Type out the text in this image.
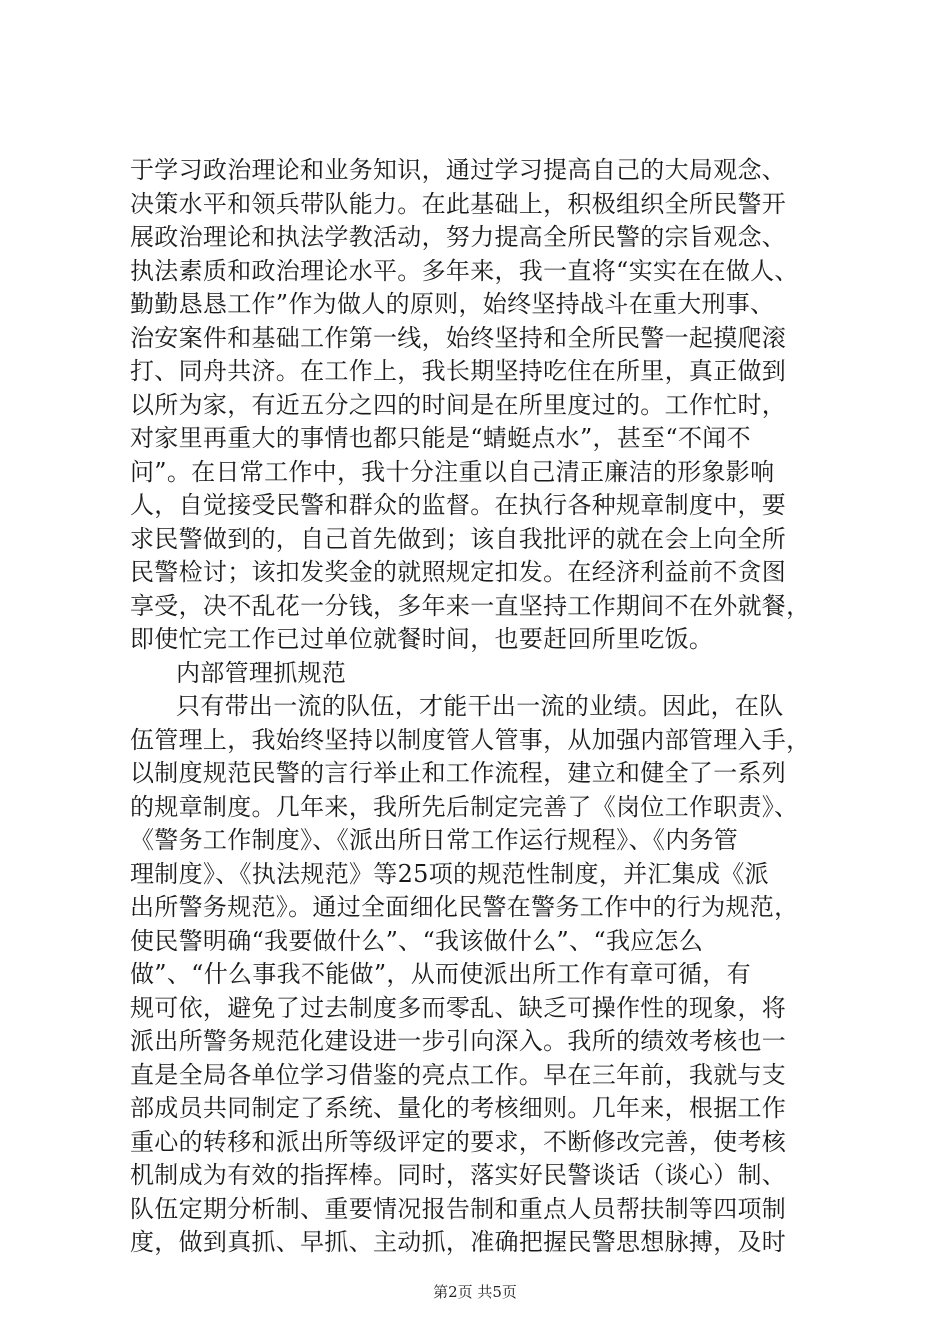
于学习政治理论和业务知识，通过学习提高自己的大局观念、
决策水平和领兵带队能力。在此基础上，积极组织全所民警开
展政治理论和执法学教活动，努力提高全所民警的宗旨观念、
执法素质和政治理论水平。多年来，我一直将“实实在在做人、
勤勤恳恳工作”作为做人的原则，始终坚持战斗在重大刑事、
治安案件和基础工作第一线，始终坚持和全所民警一起摸爬滚
打、同舟共济。在工作上，我长期坚持吃住在所里，真正做到
以所为家，有近五分之四的时间是在所里度过的。工作忙时，
对家里再重大的事情也都只能是“蜻蜓点水”，甚至“不闻不
问”。在日常工作中，我十分注重以自己清正廉洁的形象影响
人，自觉接受民警和群众的监督。在执行各种规章制度中，要
求民警做到的，自己首先做到；该自我批评的就在会上向全所
民警检讨；该扣发奖金的就照规定扣发。在经济利益前不贪图
享受，决不乱花一分钱，多年来一直坚持工作期间不在外就餐，
即使忙完工作已过单位就餐时间，也要赶回所里吃饭。
内部管理抓规范
只有带出一流的队伍，才能干出一流的业绩。因此，在队
伍管理上，我始终坚持以制度管人管事，从加强内部管理入手，
以制度规范民警的言行举止和工作流程，建立和健全了一系列
的规章制度。几年来，我所先后制定完善了《岗位工作职责》、
《警务工作制度》、《派出所日常工作运行规程》、《内务管
理制度》、《执法规范》等25项的规范性制度，并汇集成《派
出所警务规范》。通过全面细化民警在警务工作中的行为规范，
使民警明确“我要做什么”、“我该做什么”、“我应怎么
做”、“什么事我不能做”，从而使派出所工作有章可循，有
规可依，避免了过去制度多而零乱、缺乏可操作性的现象，将
派出所警务规范化建设进一步引向深入。我所的绩效考核也一
直是全局各单位学习借鉴的亮点工作。早在三年前，我就与支
部成员共同制定了系统、量化的考核细则。几年来，根据工作
重心的转移和派出所等级评定的要求，不断修改完善，使考核
机制成为有效的指挥棒。同时，落实好民警谈话（谈心）制、
队伍定期分析制、重要情况报告制和重点人员帮扶制等四项制
度，做到真抓、早抓、主动抓，准确把握民警思想脉搏，及时
第2页 共5页
